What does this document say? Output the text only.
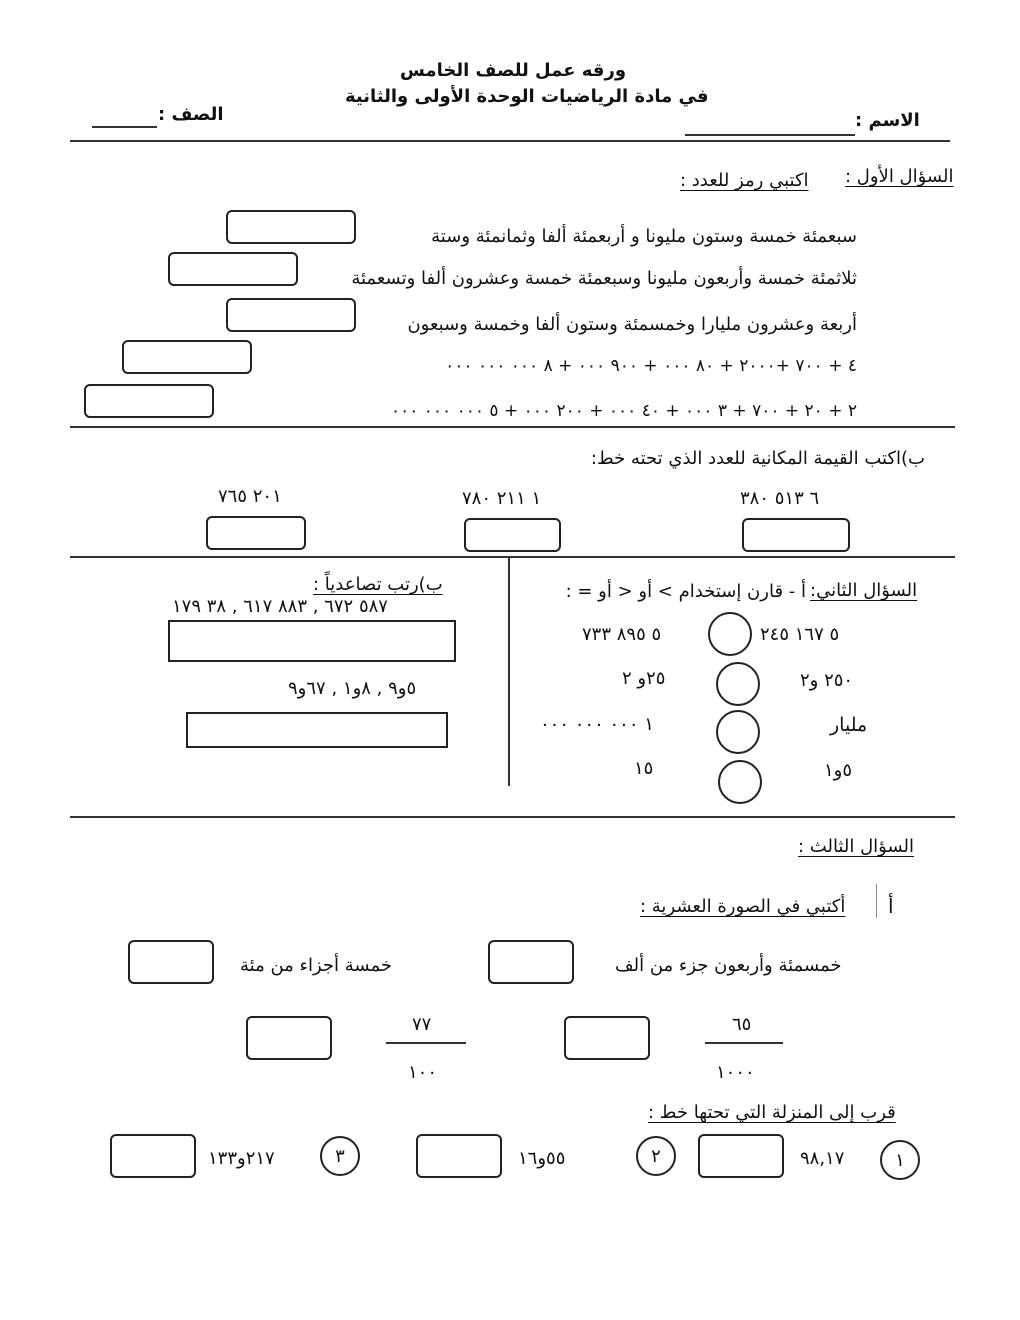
ورقه عمل للصف الخامس
في مادة الرياضيات الوحدة الأولى والثانية
الاسم :
الصف :
السؤال الأول :
اكتبي رمز للعدد :
سبعمئة خمسة وستون مليونا و أربعمئة ألفا وثمانمئة وستة
ثلاثمئة خمسة وأربعون مليونا وسبعمئة خمسة وعشرون ألفا وتسعمئة
أربعة وعشرون مليارا وخمسمئة وستون ألفا وخمسة وسبعون
٤ + ٧٠٠ +٢٠٠٠ + ٨٠ ٠٠٠ + ٩٠٠ ٠٠٠ + ٨ ٠٠٠ ٠٠٠ ٠٠٠
٢ + ٢٠ + ٧٠٠ + ٣ ٠٠٠ + ٤٠ ٠٠٠ + ٢٠٠ ٠٠٠ + ٥ ٠٠٠ ٠٠٠ ٠٠٠
ب)اكتب القيمة المكانية للعدد الذي تحته خط:
٦ ٥١٣ ٣٨٠
١ ٢١١ ٧٨٠
٢٠١ ٧٦٥
السؤال الثاني:
أ - قارن إستخدام > أو < أو = :
٥ ١٦٧ ٢٤٥
٥ ٨٩٥ ٧٣٣
٢٥٠ و٢
٢٥و ٢
مليار
١ ٠٠٠ ٠٠٠ ٠٠٠
٥و١
١٥
ب)رتب تصاعدياً :
٥٨٧ ٦٧٢ , ٨٨٣ ٦١٧ , ٣٨ ١٧٩
٥و٩ , ٨و١ , ٦٧و٩
السؤال الثالث :
أ
أكتبي في الصورة العشرية :
خمسمئة وأربعون جزء من ألف
خمسة أجزاء من مئة
٦٥
١٠٠٠
٧٧
١٠٠
قرب إلى المنزلة التي تحتها خط :
١
٩٨,١٧
٢
٥٥و١٦
٣
٢١٧و١٣٣
